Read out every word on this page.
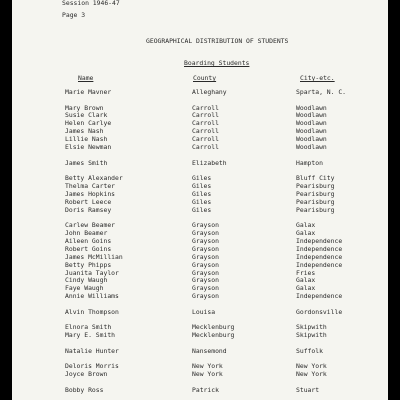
Session 1946-47
Page 3
GEOGRAPHICAL DISTRIBUTION OF STUDENTS
Boarding Students
Name	County	City-etc.
Marie Mavner	Alleghany	Sparta, N. C.
Mary Brown	Carroll	Woodlawn
Susie Clark	Carroll	Woodlawn
Helen Carlye	Carroll	Woodlawn
James Nash	Carroll	Woodlawn
Lillie Nash	Carroll	Woodlawn
Elsie Newman	Carroll	Woodlawn
James Smith	Elizabeth	Hampton
Betty Alexander	Giles	Bluff City
Thelma Carter	Giles	Pearisburg
James Hopkins	Giles	Pearisburg
Robert Leece	Giles	Pearisburg
Doris Ramsey	Giles	Pearisburg
Carlew Beamer	Grayson	Galax
John Beamer	Grayson	Galax
Aileen Goins	Grayson	Independence
Robert Goins	Grayson	Independence
James McMillian	Grayson	Independence
Betty Phipps	Grayson	Independence
Juanita Taylor	Grayson	Fries
Cindy Waugh	Grayson	Galax
Faye Waugh	Grayson	Galax
Annie Williams	Grayson	Independence
Alvin Thompson	Louisa	Gordonsville
Elnora Smith	Mecklenburg	Skipwith
Mary E. Smith	Mecklenburg	Skipwith
Natalie Hunter	Nansemond	Suffolk
Deloris Morris	New York	New York
Joyce Brown	New York	New York
Bobby Ross	Patrick	Stuart
